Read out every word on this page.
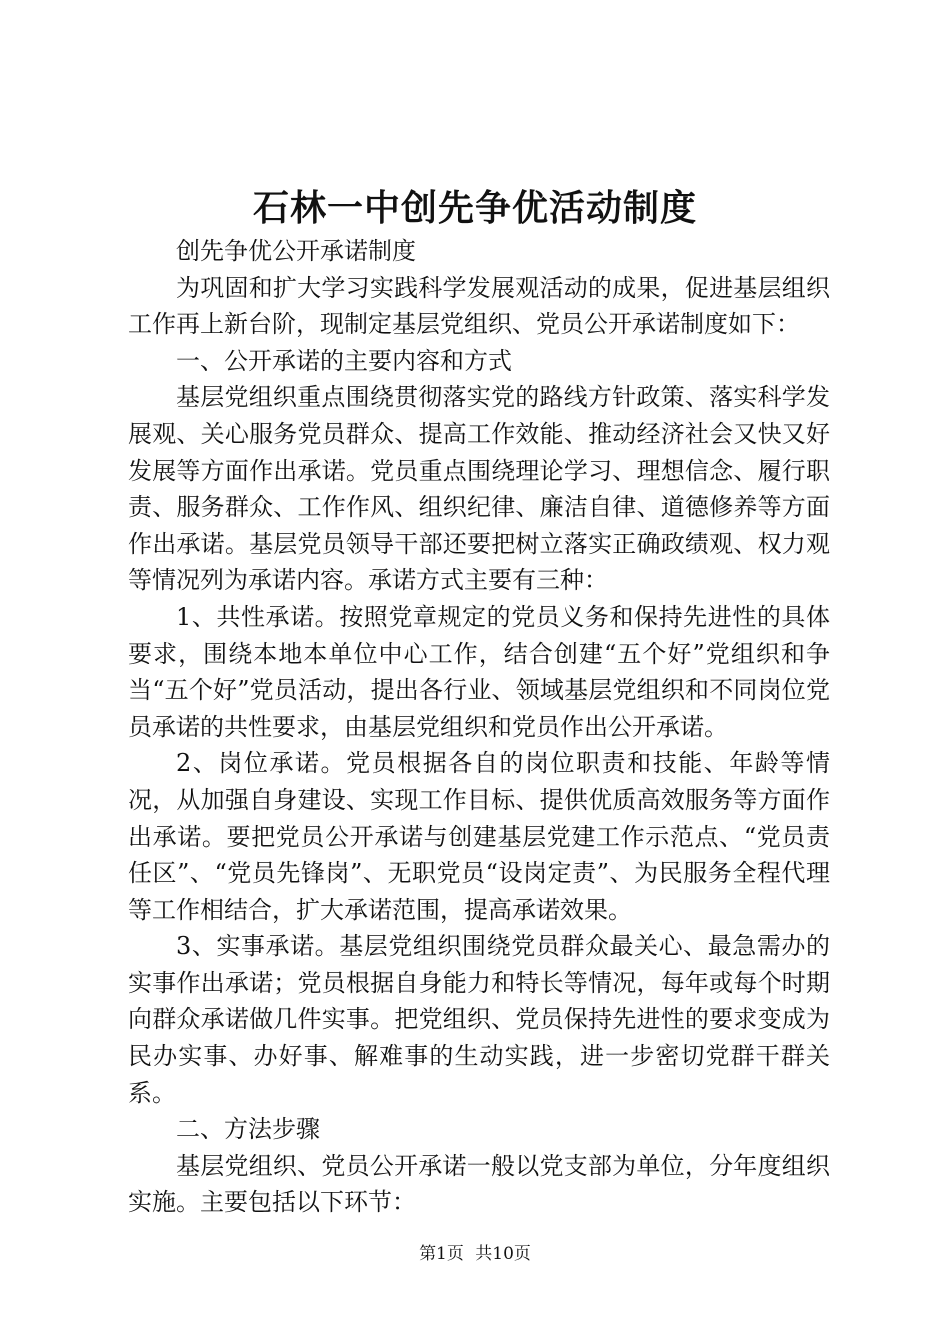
石林一中创先争优活动制度

创先争优公开承诺制度

为巩固和扩大学习实践科学发展观活动的成果，促进基层组织工作再上新台阶，现制定基层党组织、党员公开承诺制度如下：

一、公开承诺的主要内容和方式

基层党组织重点围绕贯彻落实党的路线方针政策、落实科学发展观、关心服务党员群众、提高工作效能、推动经济社会又快又好发展等方面作出承诺。党员重点围绕理论学习、理想信念、履行职责、服务群众、工作作风、组织纪律、廉洁自律、道德修养等方面作出承诺。基层党员领导干部还要把树立落实正确政绩观、权力观等情况列为承诺内容。承诺方式主要有三种：

1、共性承诺。按照党章规定的党员义务和保持先进性的具体要求，围绕本地本单位中心工作，结合创建“五个好”党组织和争当“五个好”党员活动，提出各行业、领域基层党组织和不同岗位党员承诺的共性要求，由基层党组织和党员作出公开承诺。

2、岗位承诺。党员根据各自的岗位职责和技能、年龄等情况，从加强自身建设、实现工作目标、提供优质高效服务等方面作出承诺。要把党员公开承诺与创建基层党建工作示范点、“党员责任区”、“党员先锋岗”、无职党员“设岗定责”、为民服务全程代理等工作相结合，扩大承诺范围，提高承诺效果。

3、实事承诺。基层党组织围绕党员群众最关心、最急需办的实事作出承诺；党员根据自身能力和特长等情况，每年或每个时期向群众承诺做几件实事。把党组织、党员保持先进性的要求变成为民办实事、办好事、解难事的生动实践，进一步密切党群干群关系。

二、方法步骤

基层党组织、党员公开承诺一般以党支部为单位，分年度组织实施。主要包括以下环节：

第1页 共10页
